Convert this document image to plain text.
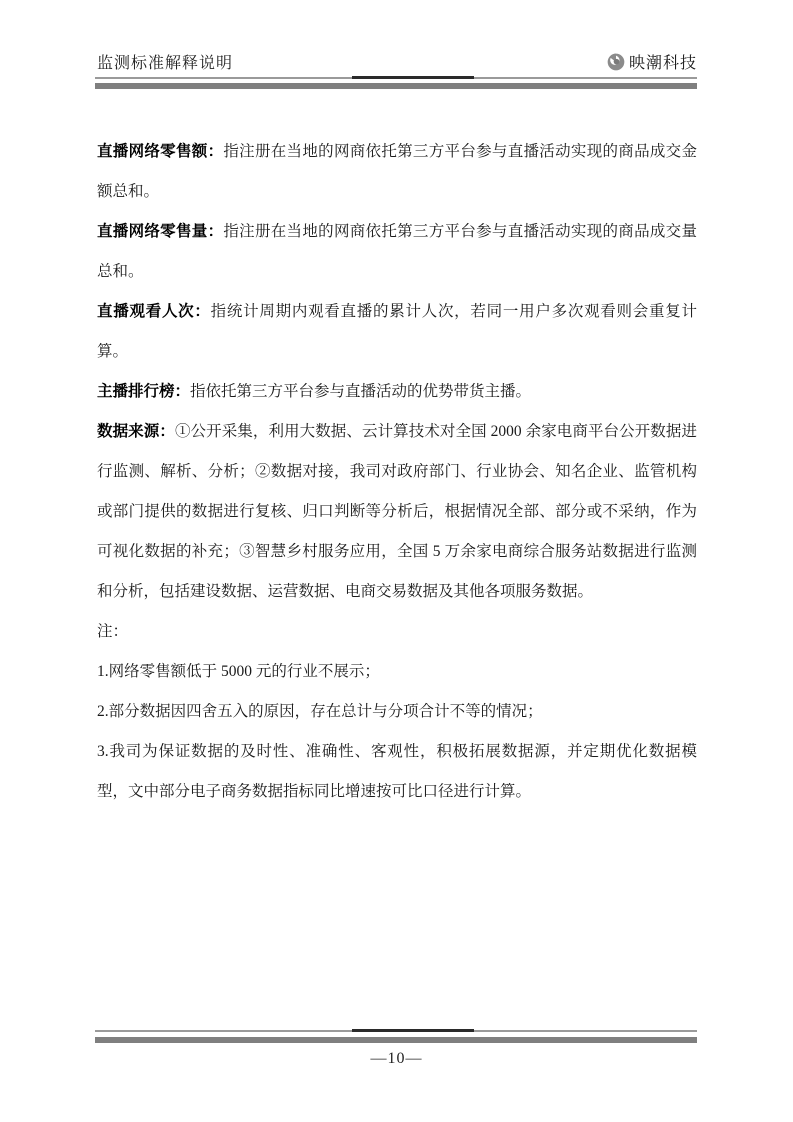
监测标准解释说明	映潮科技

直播网络零售额：指注册在当地的网商依托第三方平台参与直播活动实现的商品成交金额总和。

直播网络零售量：指注册在当地的网商依托第三方平台参与直播活动实现的商品成交量总和。

直播观看人次：指统计周期内观看直播的累计人次，若同一用户多次观看则会重复计算。

主播排行榜：指依托第三方平台参与直播活动的优势带货主播。

数据来源：①公开采集，利用大数据、云计算技术对全国 2000 余家电商平台公开数据进行监测、解析、分析；②数据对接，我司对政府部门、行业协会、知名企业、监管机构或部门提供的数据进行复核、归口判断等分析后，根据情况全部、部分或不采纳，作为可视化数据的补充；③智慧乡村服务应用，全国 5 万余家电商综合服务站数据进行监测和分析，包括建设数据、运营数据、电商交易数据及其他各项服务数据。

注：

1.网络零售额低于 5000 元的行业不展示；

2.部分数据因四舍五入的原因，存在总计与分项合计不等的情况；

3.我司为保证数据的及时性、准确性、客观性，积极拓展数据源，并定期优化数据模型，文中部分电子商务数据指标同比增速按可比口径进行计算。

—10—
